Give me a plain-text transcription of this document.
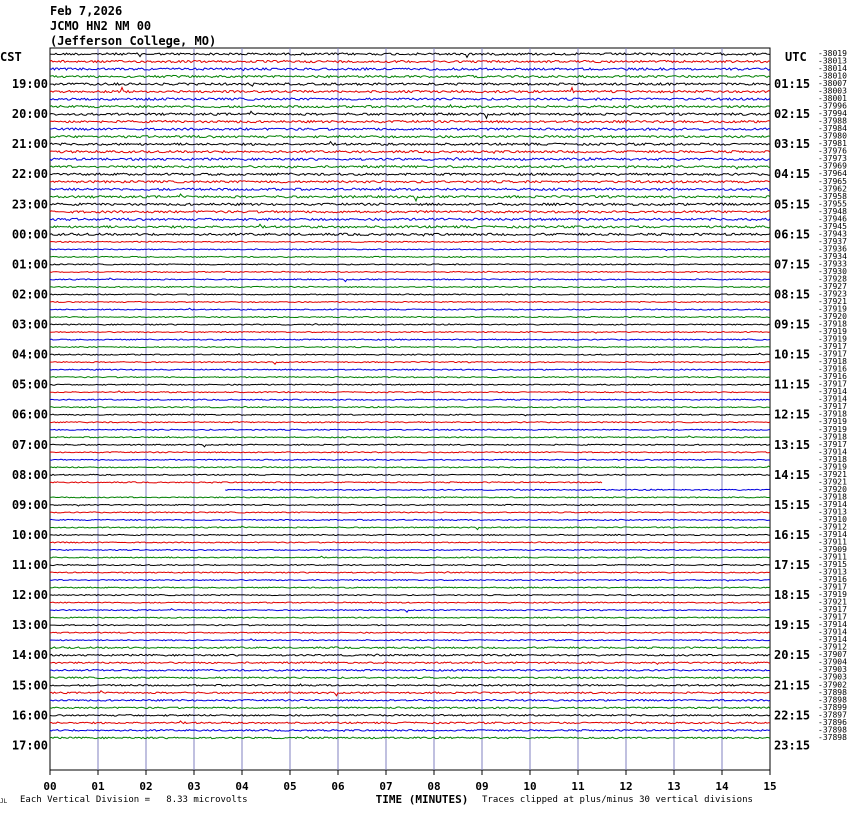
Feb 7,2026
JCMO HN2 NM 00
(Jefferson College, MO)
CST	UTC
00	01	02	03	04	05	06	07	08	09	10	11	12	13	14	15
TIME (MINUTES)
-38019
-38013
-38014
-38010
-38007
-38003
-38001
-37996
-37994
-37988
-37984
-37980
-37981
-37976
-37973
-37969
-37964
-37965
-37962
-37958
-37955
-37948
-37946
-37945
-37943
-37937
-37936
-37934
-37933
-37930
-37928
-37927
-37923
-37921
-37919
-37920
-37918
-37919
-37919
-37917
-37917
-37918
-37916
-37916
-37917
-37914
-37914
-37917
-37918
-37919
-37919
-37918
-37917
-37914
-37918
-37919
-37921
-37921
-37920
-37918
-37914
-37913
-37910
-37912
-37914
-37911
-37909
-37911
-37915
-37913
-37916
-37917
-37919
-37921
-37917
-37917
-37914
-37914
-37914
-37912
-37907
-37904
-37903
-37903
-37902
-37898
-37898
-37899
-37897
-37896
-37898
-37898
19:00
20:00
21:00
22:00
23:00
00:00
01:00
02:00
03:00
04:00
05:00
06:00
07:00
08:00
09:00
10:00
11:00
12:00
13:00
14:00
15:00
16:00
17:00
01:15
02:15
03:15
04:15
05:15
06:15
07:15
08:15
09:15
10:15
11:15
12:15
13:15
14:15
15:15
16:15
17:15
18:15
19:15
20:15
21:15
22:15
23:15
JL Each Vertical Division =   8.33 microvolts	Traces clipped at plus/minus 30 vertical divisions
